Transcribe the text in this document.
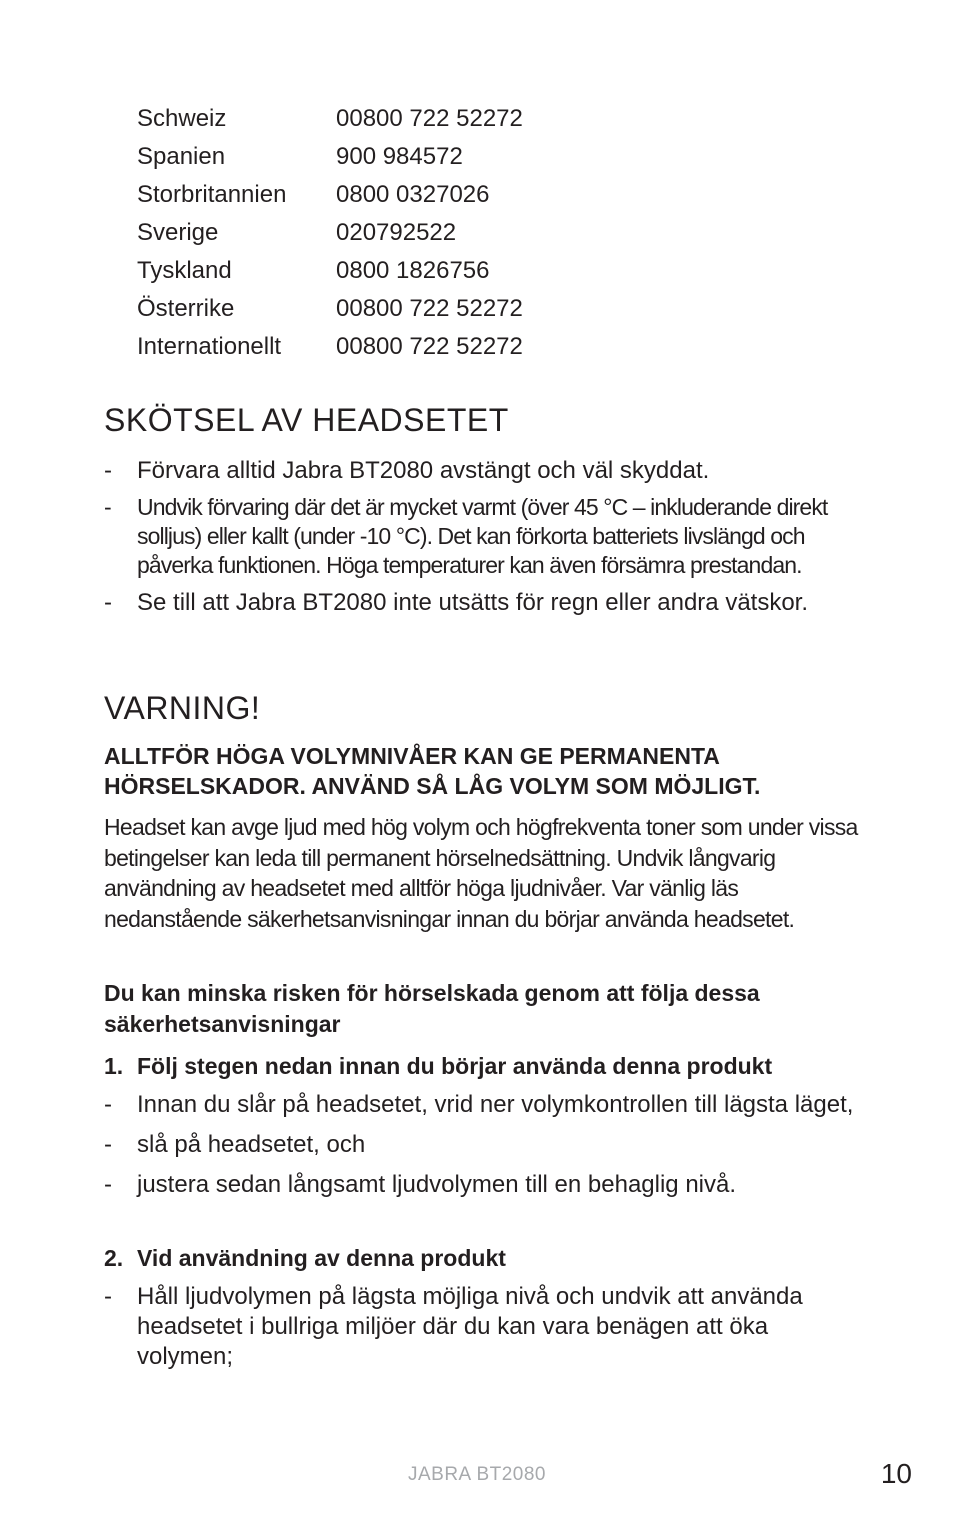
Schweiz	00800 722 52272
Spanien	900 984572
Storbritannien	0800 0327026
Sverige	020792522
Tyskland	0800 1826756
Österrike	00800 722 52272
Internationellt	00800 722 52272
SKÖTSEL AV HEADSETET
- Förvara alltid Jabra BT2080 avstängt och väl skyddat.
- Undvik förvaring där det är mycket varmt (över 45 °C – inkluderande direkt solljus) eller kallt (under -10 °C). Det kan förkorta batteriets livslängd och påverka funktionen. Höga temperaturer kan även försämra prestandan.
- Se till att Jabra BT2080 inte utsätts för regn eller andra vätskor.
VARNING!

ALLTFÖR HÖGA VOLYMNIVÅER KAN GE PERMANENTA HÖRSELSKADOR. ANVÄND SÅ LÅG VOLYM SOM MÖJLIGT.

Headset kan avge ljud med hög volym och högfrekventa toner som under vissa betingelser kan leda till permanent hörselnedsättning. Undvik långvarig användning av headsetet med alltför höga ljudnivåer. Var vänlig läs nedanstående säkerhetsanvisningar innan du börjar använda headsetet.

Du kan minska risken för hörselskada genom att följa dessa säkerhetsanvisningar

1. Följ stegen nedan innan du börjar använda denna produkt
- Innan du slår på headsetet, vrid ner volymkontrollen till lägsta läget,
- slå på headsetet, och
- justera sedan långsamt ljudvolymen till en behaglig nivå.
2. Vid användning av denna produkt
- Håll ljudvolymen på lägsta möjliga nivå och undvik att använda headsetet i bullriga miljöer där du kan vara benägen att öka volymen;
JABRA BT2080	10
